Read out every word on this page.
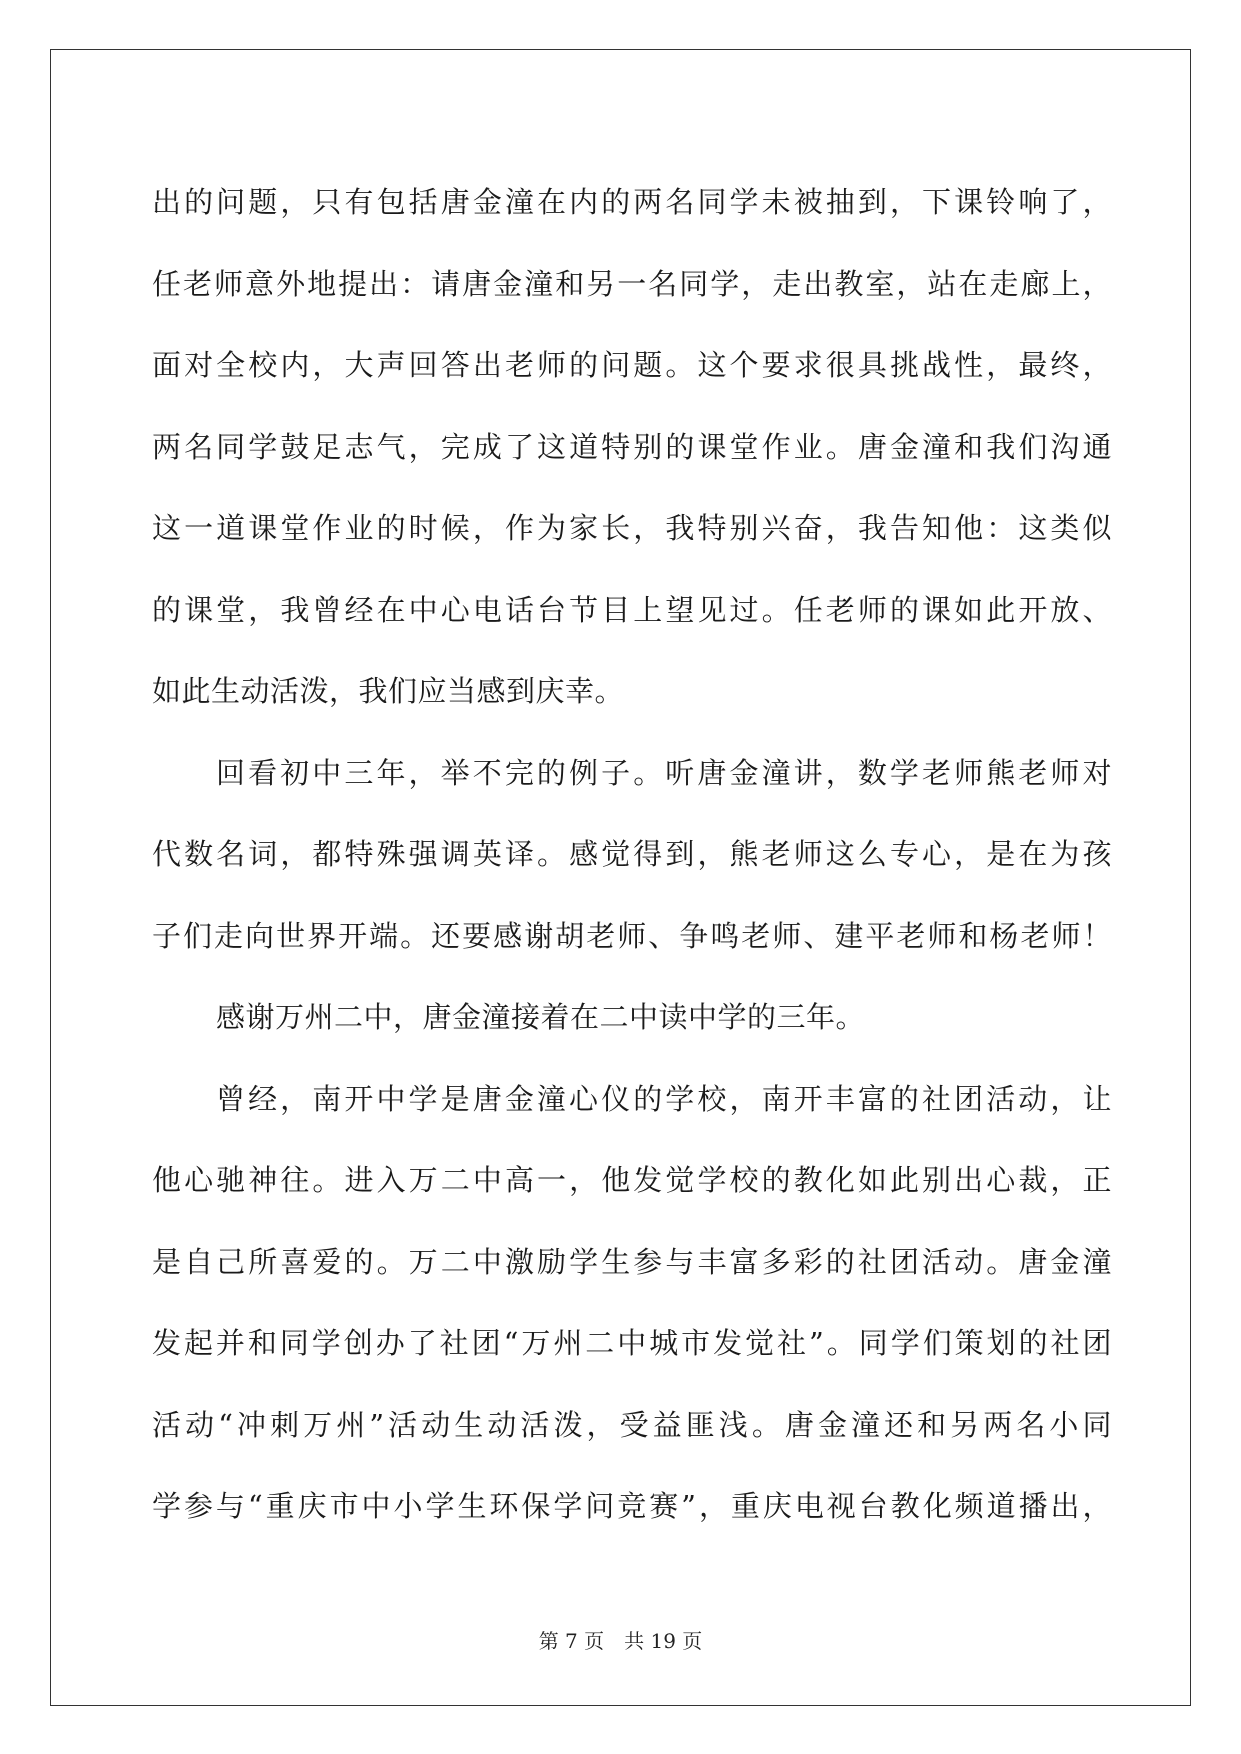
出的问题，只有包括唐金潼在内的两名同学未被抽到，下课铃响了，
任老师意外地提出：请唐金潼和另一名同学，走出教室，站在走廊上，
面对全校内，大声回答出老师的问题。这个要求很具挑战性，最终，
两名同学鼓足志气，完成了这道特别的课堂作业。唐金潼和我们沟通
这一道课堂作业的时候，作为家长，我特别兴奋，我告知他：这类似
的课堂，我曾经在中心电话台节目上望见过。任老师的课如此开放、
如此生动活泼，我们应当感到庆幸。
回看初中三年，举不完的例子。听唐金潼讲，数学老师熊老师对
代数名词，都特殊强调英译。感觉得到，熊老师这么专心，是在为孩
子们走向世界开端。还要感谢胡老师、争鸣老师、建平老师和杨老师！
感谢万州二中，唐金潼接着在二中读中学的三年。
曾经，南开中学是唐金潼心仪的学校，南开丰富的社团活动，让
他心驰神往。进入万二中高一，他发觉学校的教化如此别出心裁，正
是自己所喜爱的。万二中激励学生参与丰富多彩的社团活动。唐金潼
发起并和同学创办了社团“万州二中城市发觉社”。同学们策划的社团
活动“冲刺万州”活动生动活泼，受益匪浅。唐金潼还和另两名小同
学参与“重庆市中小学生环保学问竞赛”，重庆电视台教化频道播出，
第 7 页　共 19 页
